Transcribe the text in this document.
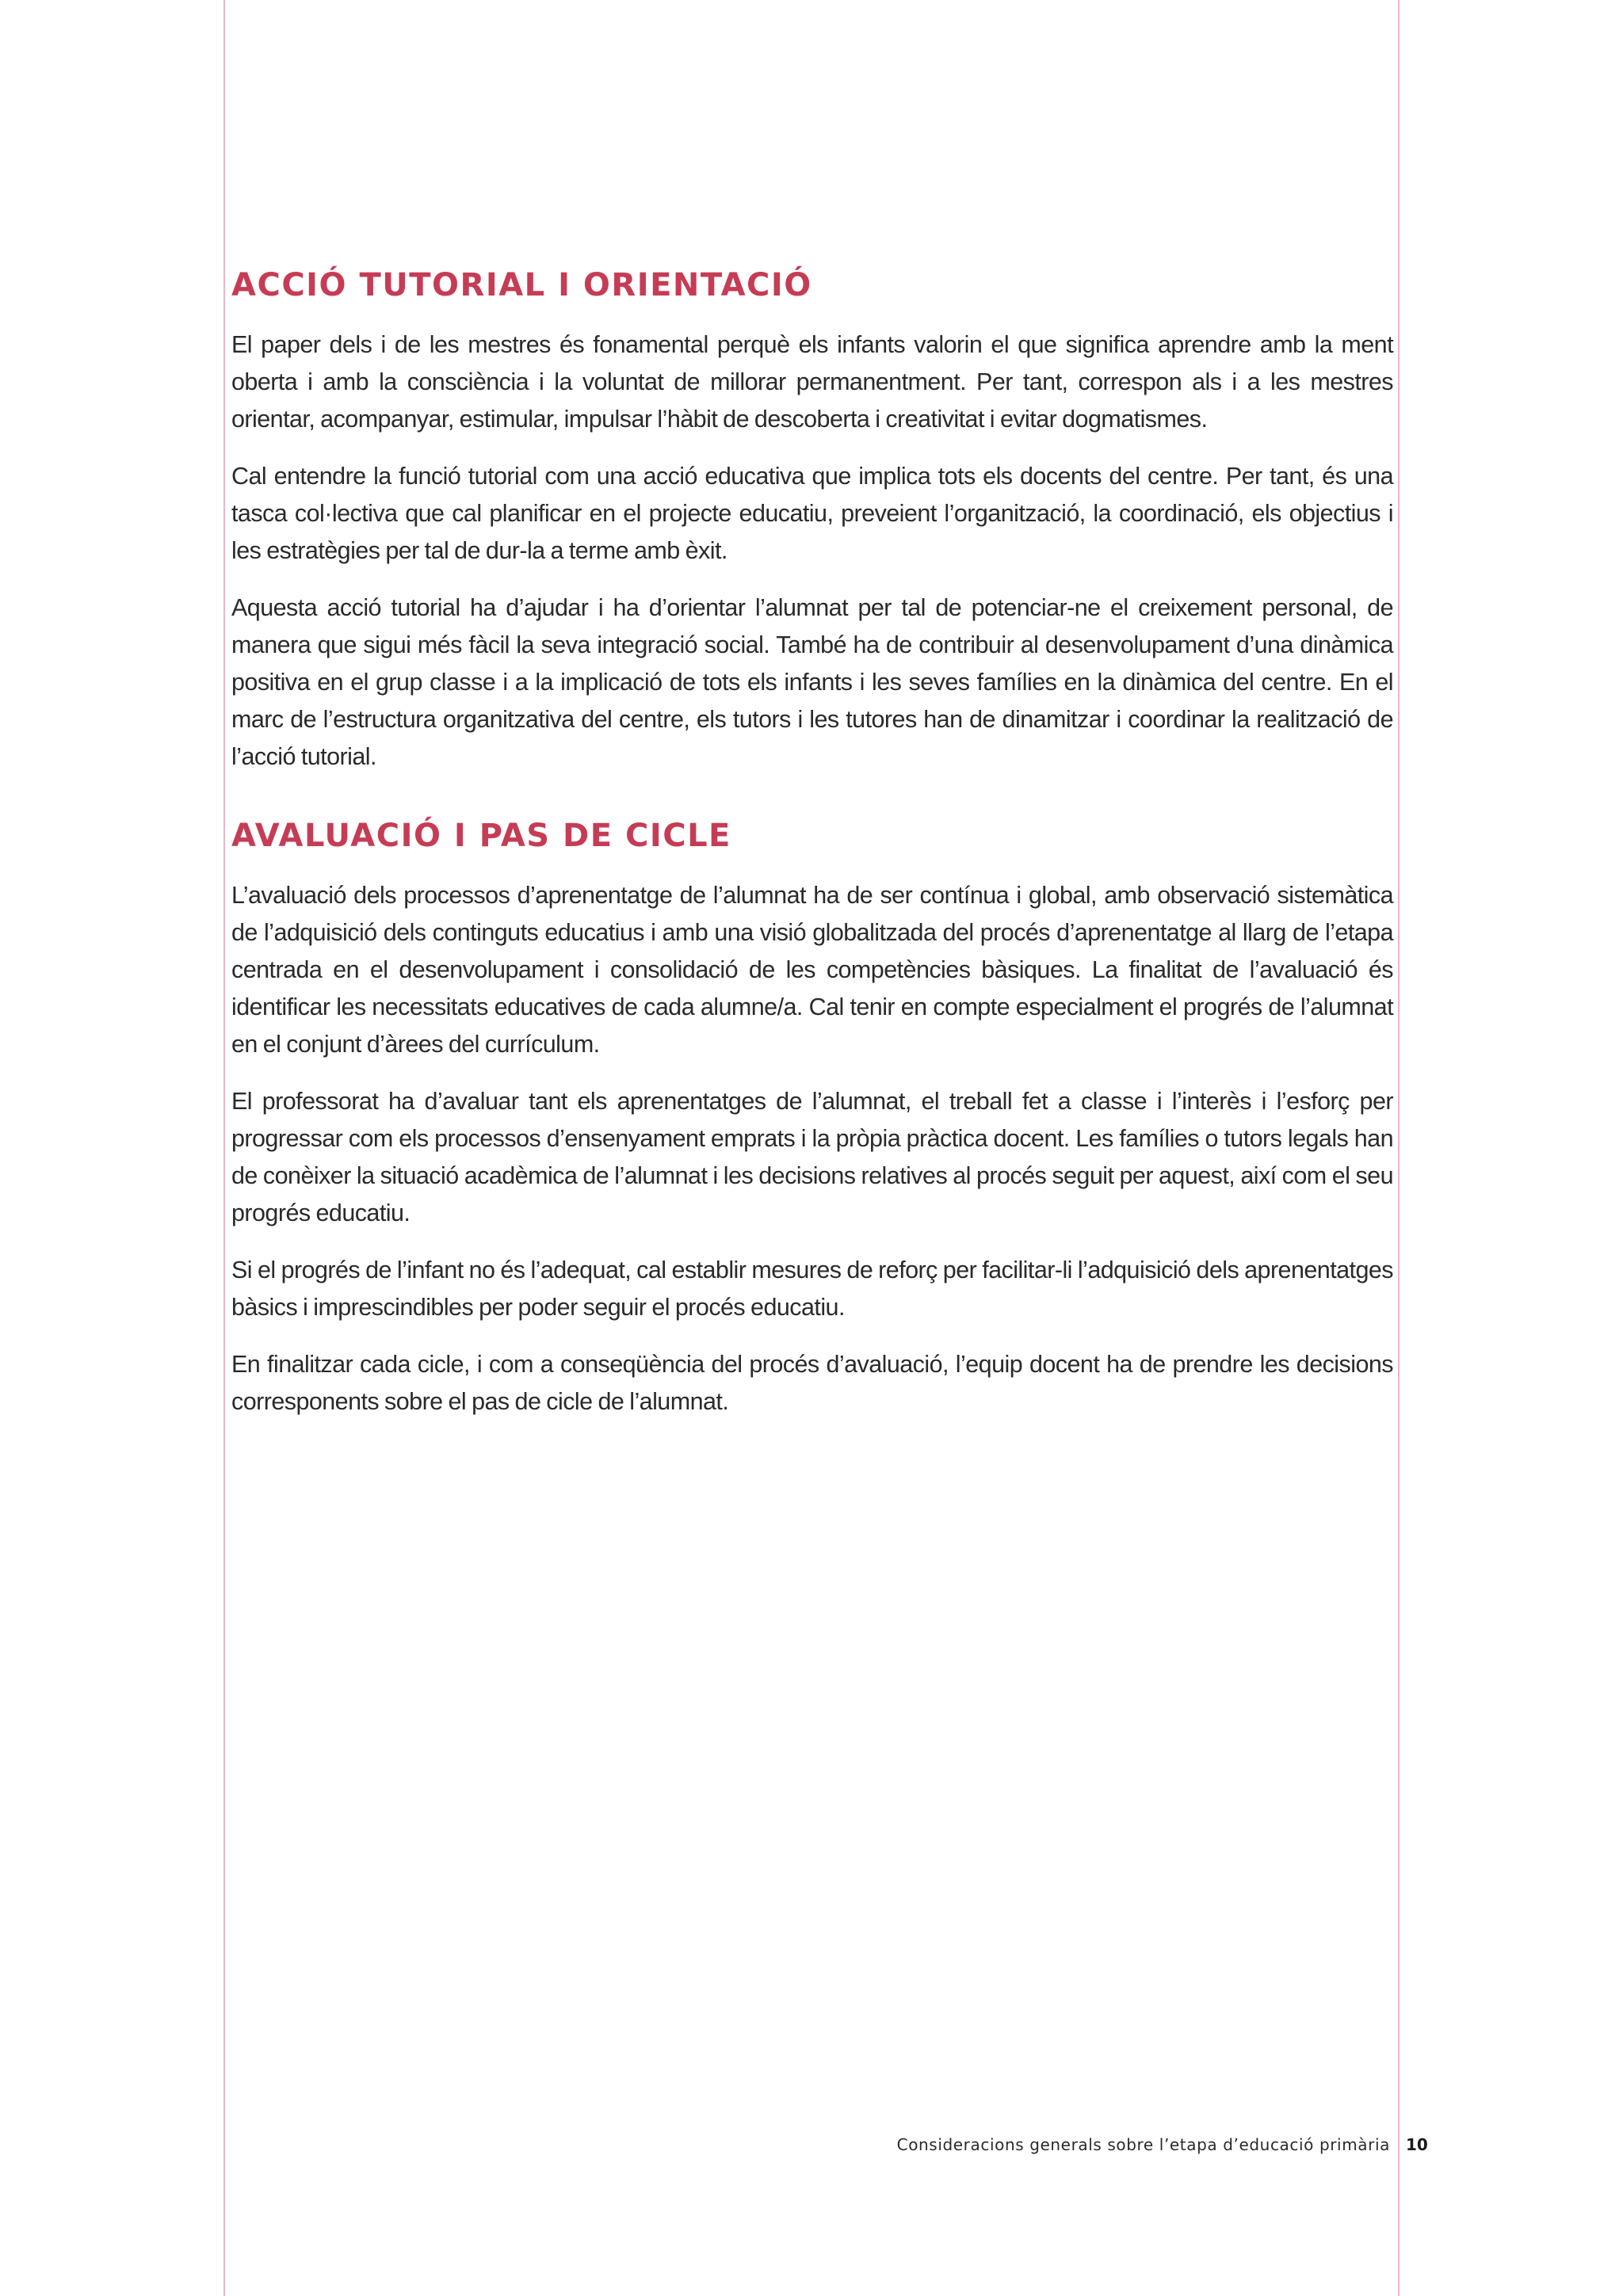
ACCIÓ TUTORIAL I ORIENTACIÓ

El paper dels i de les mestres és fonamental perquè els infants valorin el que significa aprendre amb la ment oberta i amb la consciència i la voluntat de millorar permanentment. Per tant, correspon als i a les mestres orientar, acompanyar, estimular, impulsar l’hàbit de descoberta i creativitat i evitar dogmatismes.

Cal entendre la funció tutorial com una acció educativa que implica tots els docents del centre. Per tant, és una tasca col·lectiva que cal planificar en el projecte educatiu, preveient l’organització, la coordinació, els objectius i les estratègies per tal de dur-la a terme amb èxit.

Aquesta acció tutorial ha d’ajudar i ha d’orientar l’alumnat per tal de potenciar-ne el creixement personal, de manera que sigui més fàcil la seva integració social. També ha de contribuir al desenvolupament d’una dinàmica positiva en el grup classe i a la implicació de tots els infants i les seves famílies en la dinàmica del centre. En el marc de l’estructura organitzativa del centre, els tutors i les tutores han de dinamitzar i coordinar la realització de l’acció tutorial.

AVALUACIÓ I PAS DE CICLE

L’avaluació dels processos d’aprenentatge de l’alumnat ha de ser contínua i global, amb observació sistemàtica de l’adquisició dels continguts educatius i amb una visió globalitzada del procés d’aprenentatge al llarg de l’etapa centrada en el desenvolupament i consolidació de les competències bàsiques. La finalitat de l’avaluació és identificar les necessitats educatives de cada alumne/a. Cal tenir en compte especialment el progrés de l’alumnat en el conjunt d’àrees del currículum.

El professorat ha d’avaluar tant els aprenentatges de l’alumnat, el treball fet a classe i l’interès i l’esforç per progressar com els processos d’ensenyament emprats i la pròpia pràctica docent. Les famílies o tutors legals han de conèixer la situació acadèmica de l’alumnat i les decisions relatives al procés seguit per aquest, així com el seu progrés educatiu.

Si el progrés de l’infant no és l’adequat, cal establir mesures de reforç per facilitar-li l’adquisició dels aprenentatges bàsics i imprescindibles per poder seguir el procés educatiu.

En finalitzar cada cicle, i com a conseqüència del procés d’avaluació, l’equip docent ha de prendre les decisions corresponents sobre el pas de cicle de l’alumnat.

Consideracions generals sobre l’etapa d’educació primària 10
